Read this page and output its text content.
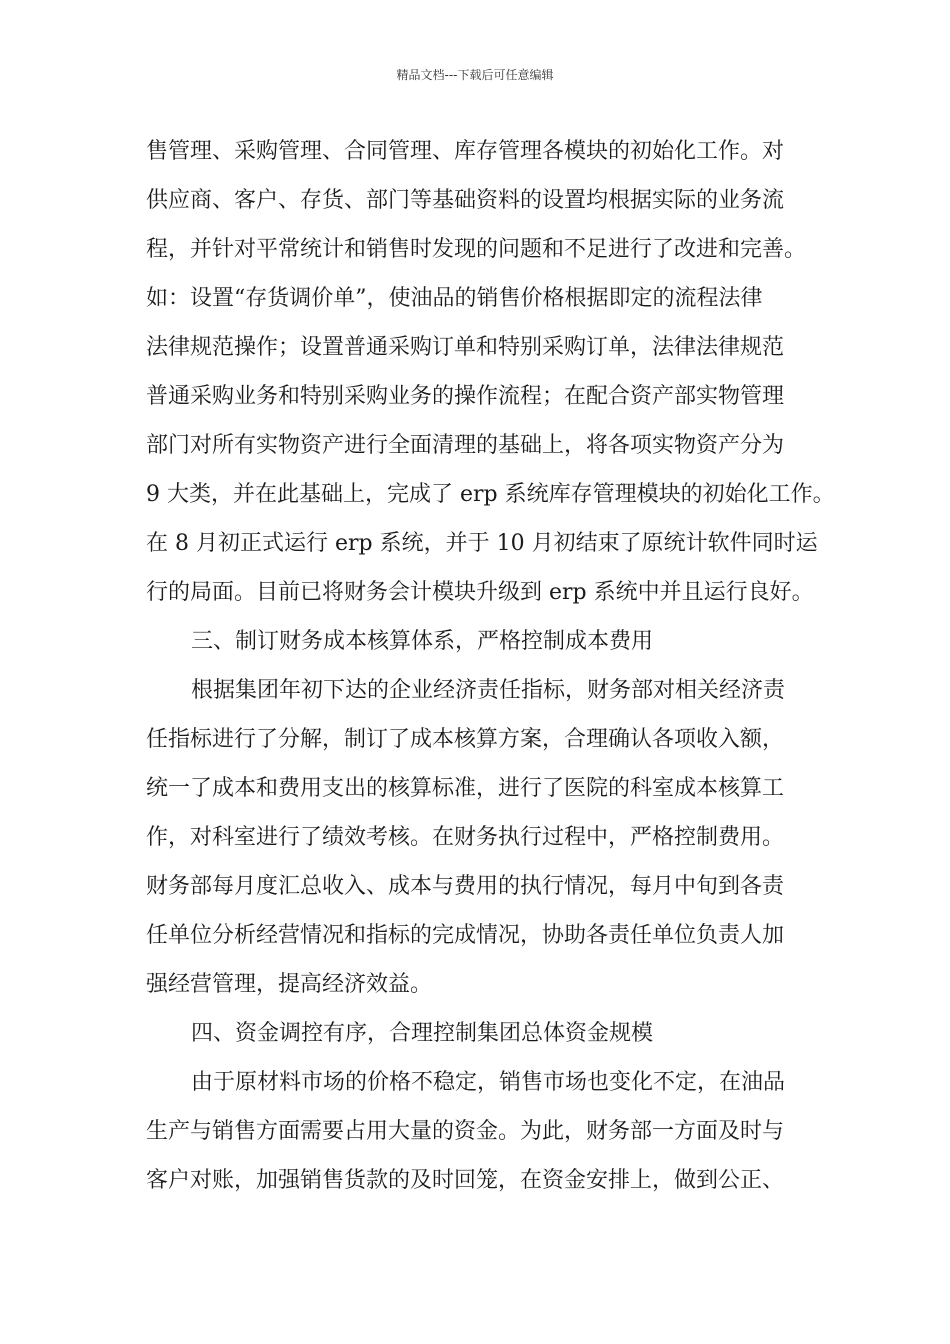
精品文档---下载后可任意编辑
售管理、采购管理、合同管理、库存管理各模块的初始化工作。对
供应商、客户、存货、部门等基础资料的设置均根据实际的业务流
程，并针对平常统计和销售时发现的问题和不足进行了改进和完善。
如：设置“存货调价单”，使油品的销售价格根据即定的流程法律
法律规范操作；设置普通采购订单和特别采购订单，法律法律规范
普通采购业务和特别采购业务的操作流程；在配合资产部实物管理
部门对所有实物资产进行全面清理的基础上，将各项实物资产分为
9 大类，并在此基础上，完成了 erp 系统库存管理模块的初始化工作。
在 8 月初正式运行 erp 系统，并于 10 月初结束了原统计软件同时运
行的局面。目前已将财务会计模块升级到 erp 系统中并且运行良好。
三、制订财务成本核算体系，严格控制成本费用
根据集团年初下达的企业经济责任指标，财务部对相关经济责
任指标进行了分解，制订了成本核算方案，合理确认各项收入额，
统一了成本和费用支出的核算标准，进行了医院的科室成本核算工
作，对科室进行了绩效考核。在财务执行过程中，严格控制费用。
财务部每月度汇总收入、成本与费用的执行情况，每月中旬到各责
任单位分析经营情况和指标的完成情况，协助各责任单位负责人加
强经营管理，提高经济效益。
四、资金调控有序，合理控制集团总体资金规模
由于原材料市场的价格不稳定，销售市场也变化不定，在油品
生产与销售方面需要占用大量的资金。为此，财务部一方面及时与
客户对账，加强销售货款的及时回笼，在资金安排上，做到公正、
